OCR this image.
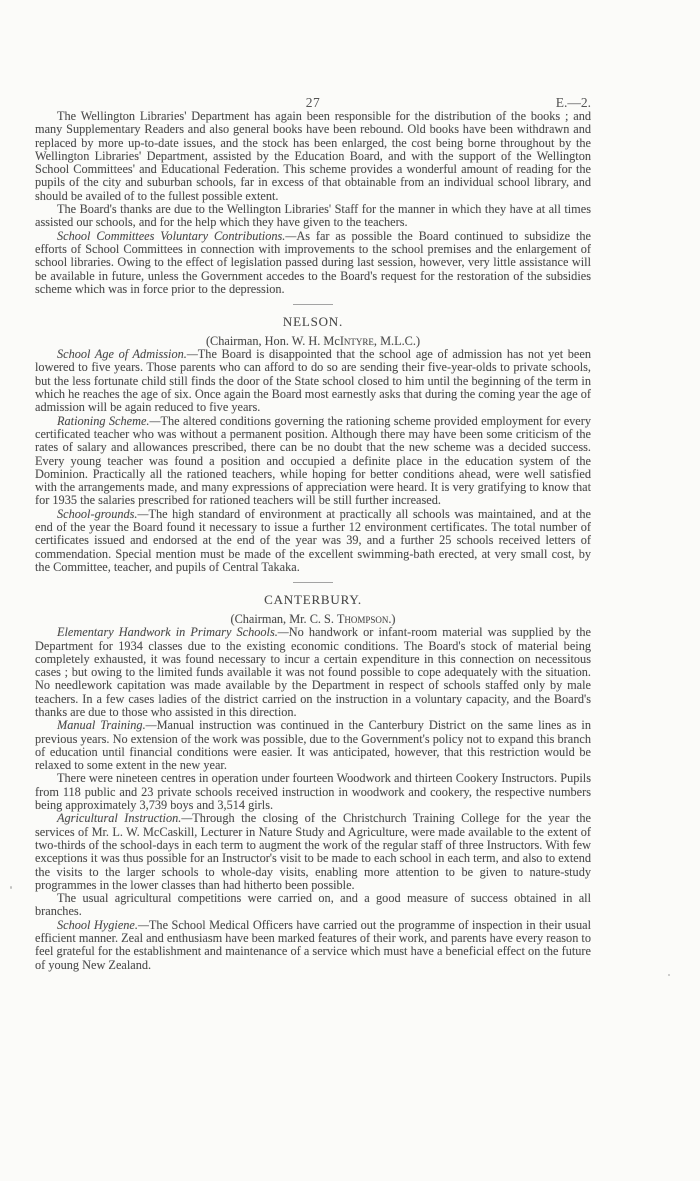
27	E.—2.

The Wellington Libraries' Department has again been responsible for the distribution of the books ; and many Supplementary Readers and also general books have been rebound. Old books have been withdrawn and replaced by more up-to-date issues, and the stock has been enlarged, the cost being borne throughout by the Wellington Libraries' Department, assisted by the Education Board, and with the support of the Wellington School Committees' and Educational Federation. This scheme provides a wonderful amount of reading for the pupils of the city and suburban schools, far in excess of that obtainable from an individual school library, and should be availed of to the fullest possible extent.

The Board's thanks are due to the Wellington Libraries' Staff for the manner in which they have at all times assisted our schools, and for the help which they have given to the teachers.

School Committees Voluntary Contributions.—As far as possible the Board continued to subsidize the efforts of School Committees in connection with improvements to the school premises and the enlargement of school libraries. Owing to the effect of legislation passed during last session, however, very little assistance will be available in future, unless the Government accedes to the Board's request for the restoration of the subsidies scheme which was in force prior to the depression.

NELSON.

(Chairman, Hon. W. H. McIntyre, M.L.C.)

School Age of Admission.—The Board is disappointed that the school age of admission has not yet been lowered to five years. Those parents who can afford to do so are sending their five-year-olds to private schools, but the less fortunate child still finds the door of the State school closed to him until the beginning of the term in which he reaches the age of six. Once again the Board most earnestly asks that during the coming year the age of admission will be again reduced to five years.

Rationing Scheme.—The altered conditions governing the rationing scheme provided employment for every certificated teacher who was without a permanent position. Although there may have been some criticism of the rates of salary and allowances prescribed, there can be no doubt that the new scheme was a decided success. Every young teacher was found a position and occupied a definite place in the education system of the Dominion. Practically all the rationed teachers, while hoping for better conditions ahead, were well satisfied with the arrangements made, and many expressions of appreciation were heard. It is very gratifying to know that for 1935 the salaries prescribed for rationed teachers will be still further increased.

School-grounds.—The high standard of environment at practically all schools was maintained, and at the end of the year the Board found it necessary to issue a further 12 environment certificates. The total number of certificates issued and endorsed at the end of the year was 39, and a further 25 schools received letters of commendation. Special mention must be made of the excellent swimming-bath erected, at very small cost, by the Committee, teacher, and pupils of Central Takaka.

CANTERBURY.

(Chairman, Mr. C. S. Thompson.)

Elementary Handwork in Primary Schools.—No handwork or infant-room material was supplied by the Department for 1934 classes due to the existing economic conditions. The Board's stock of material being completely exhausted, it was found necessary to incur a certain expenditure in this connection on necessitous cases ; but owing to the limited funds available it was not found possible to cope adequately with the situation. No needlework capitation was made available by the Department in respect of schools staffed only by male teachers. In a few cases ladies of the district carried on the instruction in a voluntary capacity, and the Board's thanks are due to those who assisted in this direction.

Manual Training.—Manual instruction was continued in the Canterbury District on the same lines as in previous years. No extension of the work was possible, due to the Government's policy not to expand this branch of education until financial conditions were easier. It was anticipated, however, that this restriction would be relaxed to some extent in the new year.

There were nineteen centres in operation under fourteen Woodwork and thirteen Cookery Instructors. Pupils from 118 public and 23 private schools received instruction in woodwork and cookery, the respective numbers being approximately 3,739 boys and 3,514 girls.

Agricultural Instruction.—Through the closing of the Christchurch Training College for the year the services of Mr. L. W. McCaskill, Lecturer in Nature Study and Agriculture, were made available to the extent of two-thirds of the school-days in each term to augment the work of the regular staff of three Instructors. With few exceptions it was thus possible for an Instructor's visit to be made to each school in each term, and also to extend the visits to the larger schools to whole-day visits, enabling more attention to be given to nature-study programmes in the lower classes than had hitherto been possible.

The usual agricultural competitions were carried on, and a good measure of success obtained in all branches.

School Hygiene.—The School Medical Officers have carried out the programme of inspection in their usual efficient manner. Zeal and enthusiasm have been marked features of their work, and parents have every reason to feel grateful for the establishment and maintenance of a service which must have a beneficial effect on the future of young New Zealand.
